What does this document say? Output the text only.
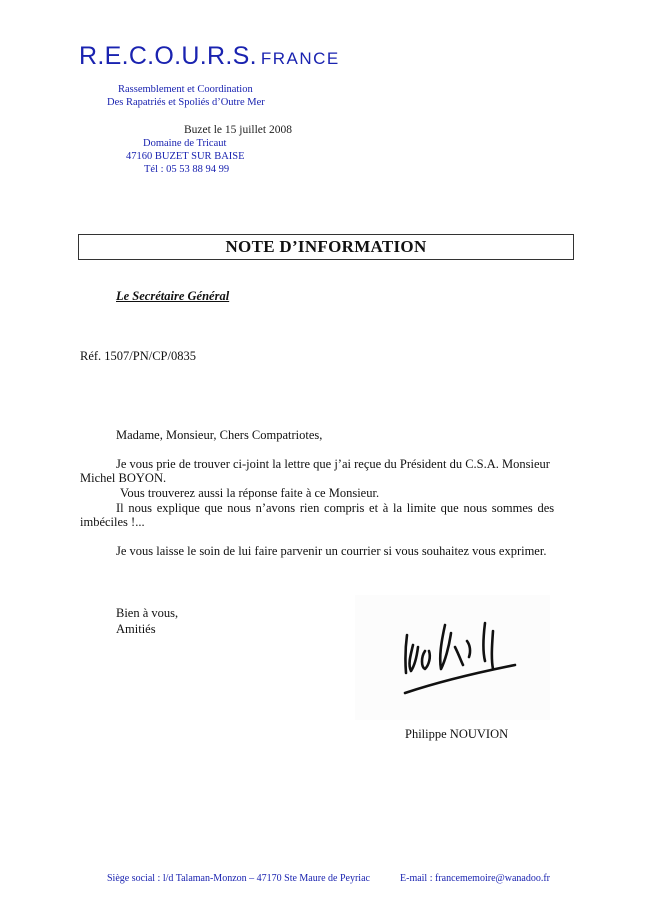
R.E.C.O.U.R.S. FRANCE
Rassemblement et Coordination
Des Rapatriés et Spoliés d’Outre Mer
Buzet le 15 juillet 2008
Domaine de Tricaut
47160 BUZET SUR BAISE
Tél : 05 53 88 94 99
NOTE D’INFORMATION
Le Secrétaire Général
Réf. 1507/PN/CP/0835
Madame, Monsieur, Chers Compatriotes,
Je vous prie de trouver ci-joint la lettre que j’ai reçue du Président du C.S.A. Monsieur
Michel BOYON.
Vous trouverez aussi la réponse faite à ce Monsieur.
Il nous explique que nous n’avons rien compris et à la limite que nous sommes des
imbéciles !...
Je vous laisse le soin de lui faire parvenir un courrier si vous souhaitez vous exprimer.
Bien à vous,
Amitiés
Philippe NOUVION
Siège social : l/d Talaman-Monzon – 47170 Ste Maure de Peyriac	E-mail : francememoire@wanadoo.fr
